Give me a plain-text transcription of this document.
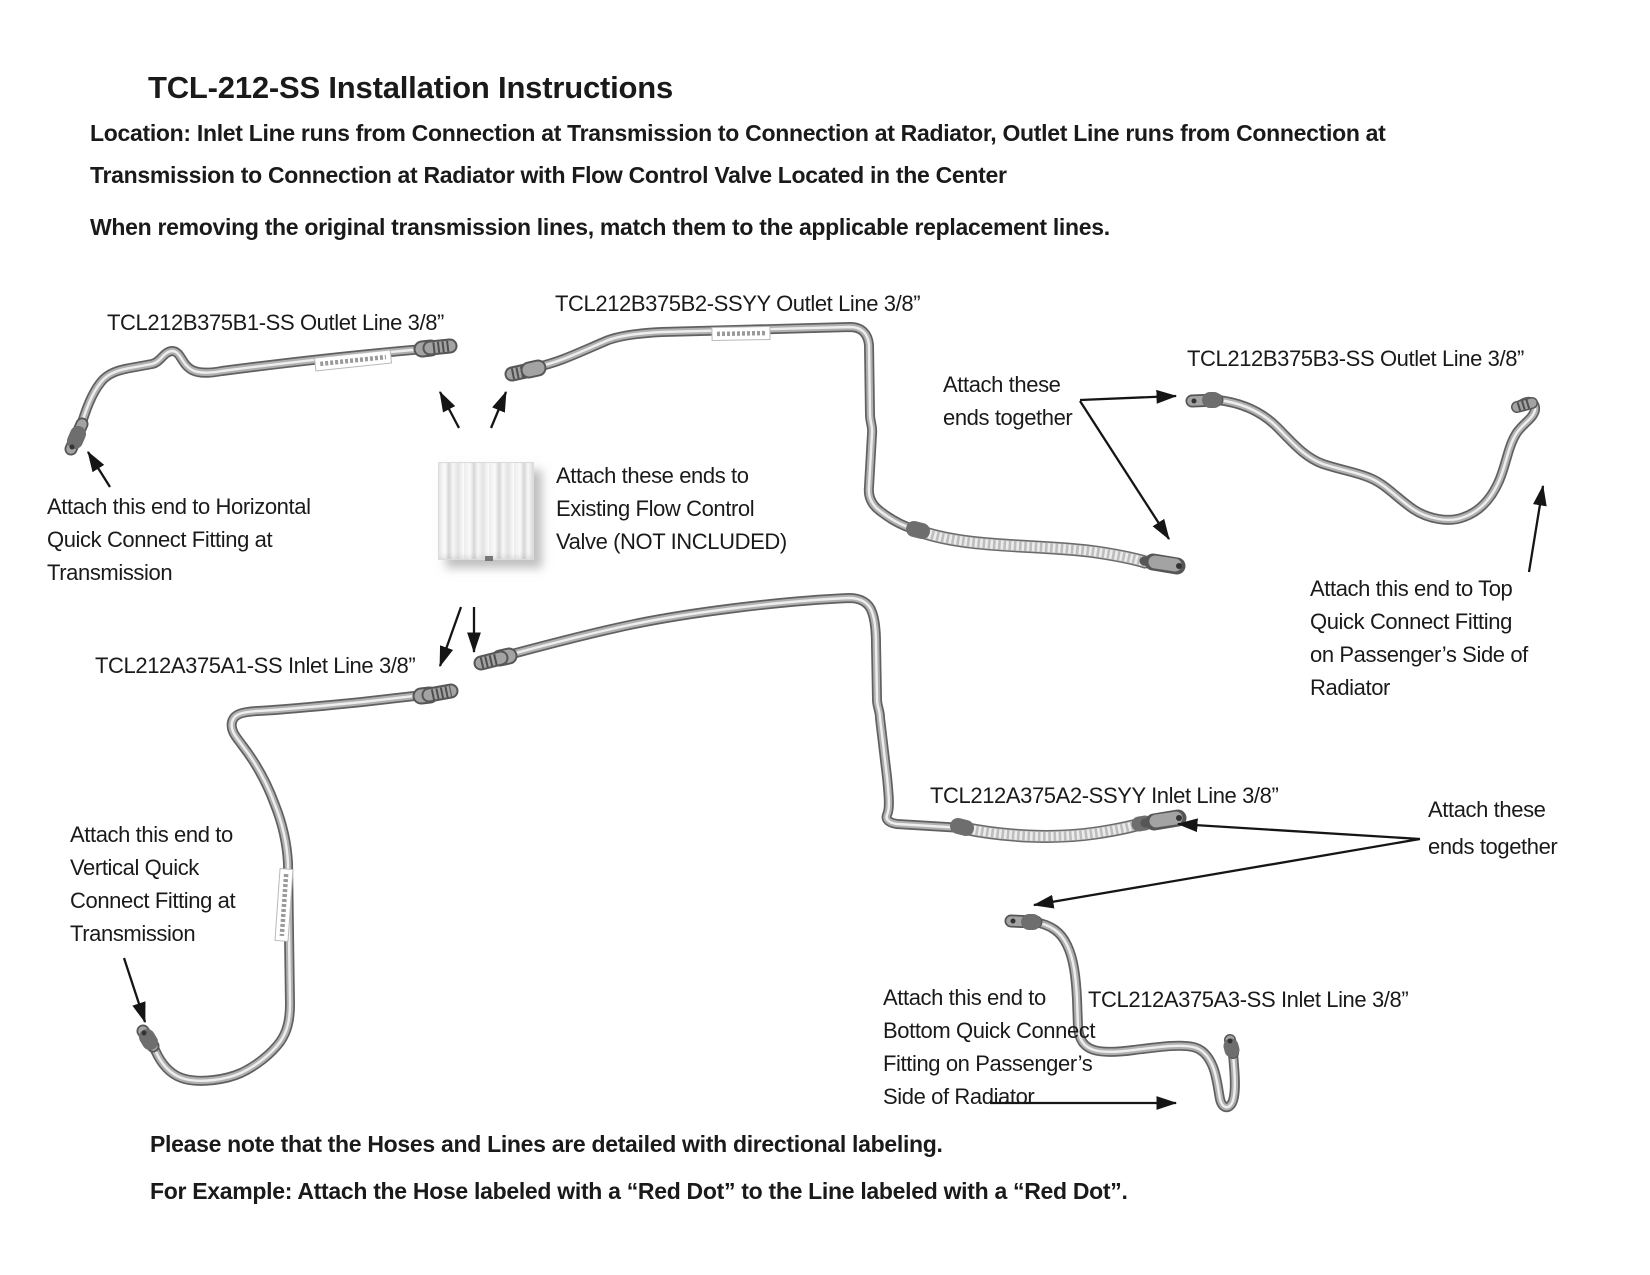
TCL-212-SS Installation Instructions
Location: Inlet Line runs from Connection at Transmission to Connection at Radiator, Outlet Line runs from Connection at
Transmission to Connection at Radiator with Flow Control Valve Located in the Center
When removing the original transmission lines, match them to the applicable replacement lines.
TCL212B375B1-SS Outlet Line 3/8”
TCL212B375B2-SSYY Outlet Line 3/8”
TCL212B375B3-SS Outlet Line 3/8”
TCL212A375A1-SS Inlet Line 3/8”
TCL212A375A2-SSYY Inlet Line 3/8”
TCL212A375A3-SS Inlet Line 3/8”
Attach this end to Horizontal
Quick Connect Fitting at
Transmission
Attach these ends to
Existing Flow Control
Valve (NOT INCLUDED)
Attach these
ends together
Attach this end to Top
Quick Connect Fitting
on Passenger’s Side of
Radiator
Attach this end to
Vertical Quick
Connect Fitting at
Transmission
Attach these
ends together
Attach this end to
Bottom Quick Connect
Fitting on Passenger’s
Side of Radiator
Please note that the Hoses and Lines are detailed with directional labeling.
For Example: Attach the Hose labeled with a “Red Dot” to the Line labeled with a “Red Dot”.
